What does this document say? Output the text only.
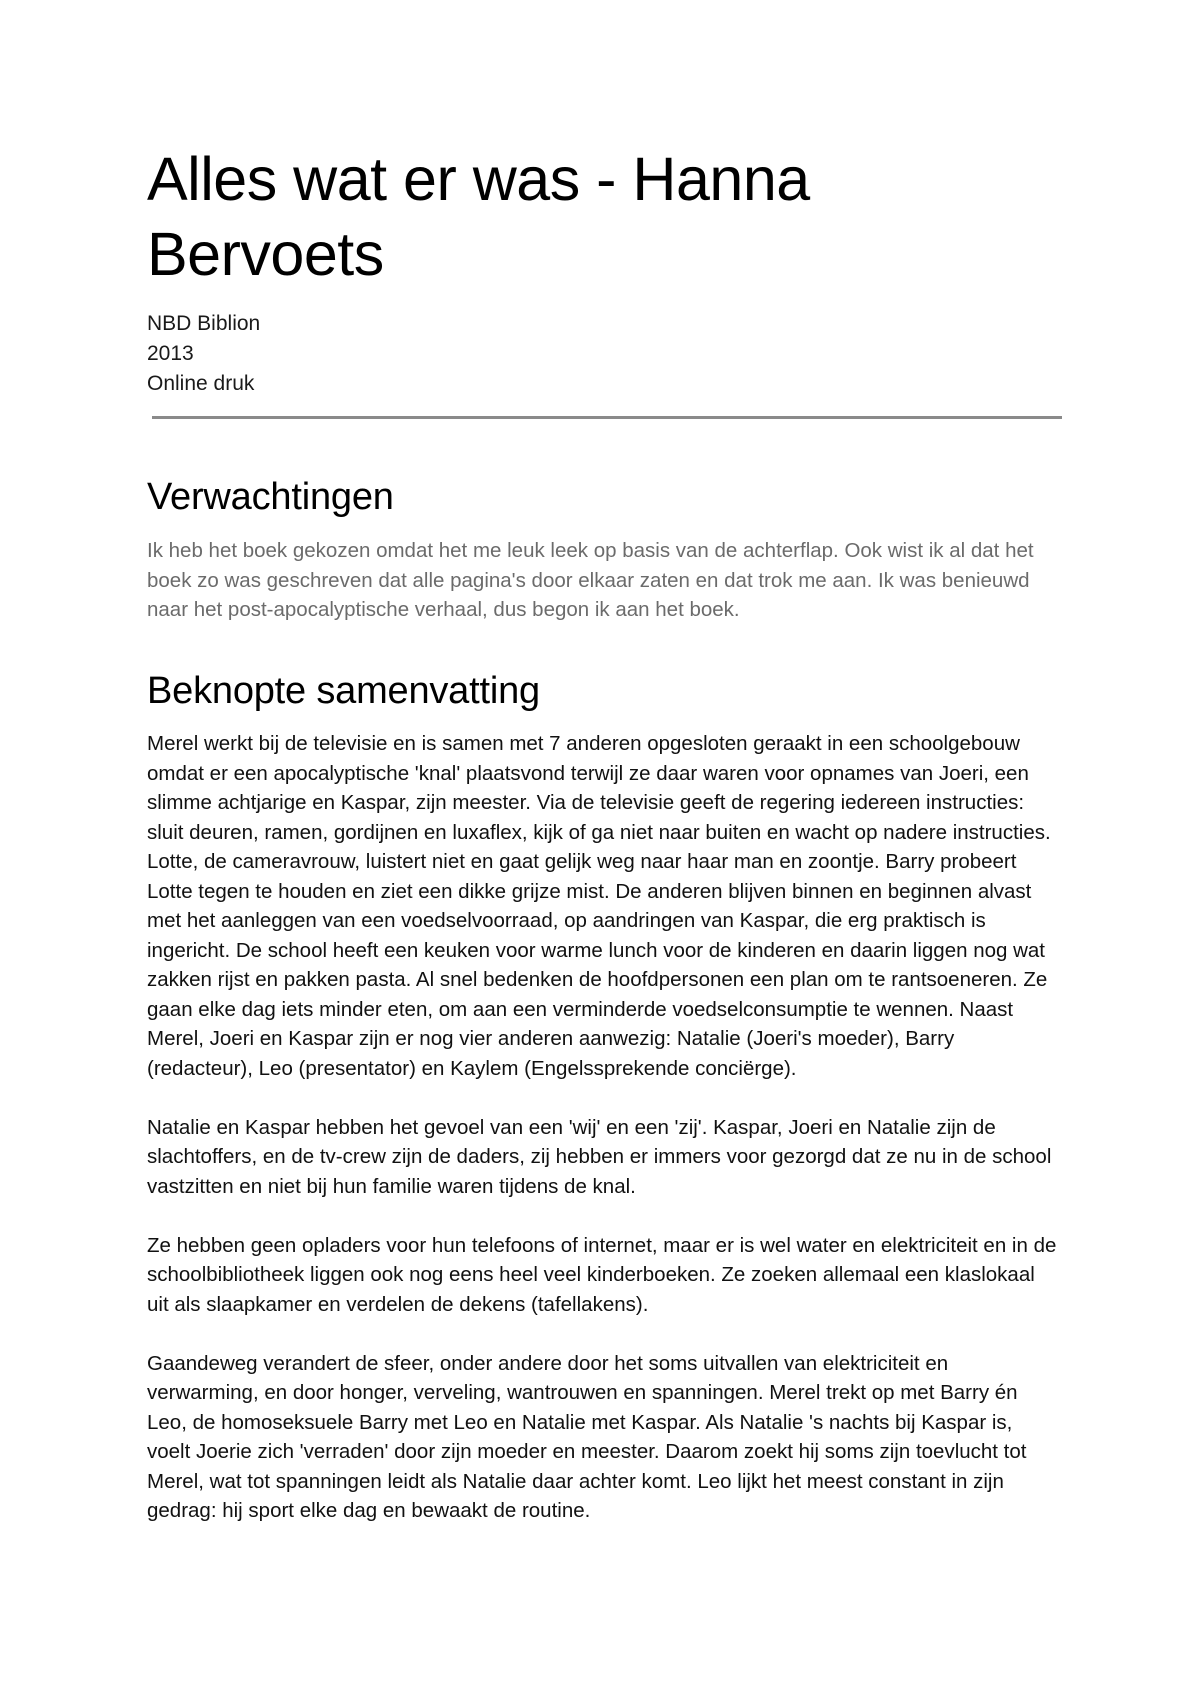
Alles wat er was - Hanna Bervoets
NBD Biblion
2013
Online druk
Verwachtingen

Ik heb het boek gekozen omdat het me leuk leek op basis van de achterflap. Ook wist ik al dat het boek zo was geschreven dat alle pagina's door elkaar zaten en dat trok me aan. Ik was benieuwd naar het post-apocalyptische verhaal, dus begon ik aan het boek.

Beknopte samenvatting

Merel werkt bij de televisie en is samen met 7 anderen opgesloten geraakt in een schoolgebouw omdat er een apocalyptische 'knal' plaatsvond terwijl ze daar waren voor opnames van Joeri, een slimme achtjarige en Kaspar, zijn meester. Via de televisie geeft de regering iedereen instructies: sluit deuren, ramen, gordijnen en luxaflex, kijk of ga niet naar buiten en wacht op nadere instructies. Lotte, de cameravrouw, luistert niet en gaat gelijk weg naar haar man en zoontje. Barry probeert Lotte tegen te houden en ziet een dikke grijze mist. De anderen blijven binnen en beginnen alvast met het aanleggen van een voedselvoorraad, op aandringen van Kaspar, die erg praktisch is ingericht. De school heeft een keuken voor warme lunch voor de kinderen en daarin liggen nog wat zakken rijst en pakken pasta. Al snel bedenken de hoofdpersonen een plan om te rantsoeneren. Ze gaan elke dag iets minder eten, om aan een verminderde voedselconsumptie te wennen. Naast Merel, Joeri en Kaspar zijn er nog vier anderen aanwezig: Natalie (Joeri's moeder), Barry (redacteur), Leo (presentator) en Kaylem (Engelssprekende conciërge).

Natalie en Kaspar hebben het gevoel van een 'wij' en een 'zij'. Kaspar, Joeri en Natalie zijn de slachtoffers, en de tv-crew zijn de daders, zij hebben er immers voor gezorgd dat ze nu in de school vastzitten en niet bij hun familie waren tijdens de knal.

Ze hebben geen opladers voor hun telefoons of internet, maar er is wel water en elektriciteit en in de schoolbibliotheek liggen ook nog eens heel veel kinderboeken. Ze zoeken allemaal een klaslokaal uit als slaapkamer en verdelen de dekens (tafellakens).

Gaandeweg verandert de sfeer, onder andere door het soms uitvallen van elektriciteit en verwarming, en door honger, verveling, wantrouwen en spanningen. Merel trekt op met Barry én Leo, de homoseksuele Barry met Leo en Natalie met Kaspar. Als Natalie 's nachts bij Kaspar is, voelt Joerie zich 'verraden' door zijn moeder en meester. Daarom zoekt hij soms zijn toevlucht tot Merel, wat tot spanningen leidt als Natalie daar achter komt. Leo lijkt het meest constant in zijn gedrag: hij sport elke dag en bewaakt de routine.
